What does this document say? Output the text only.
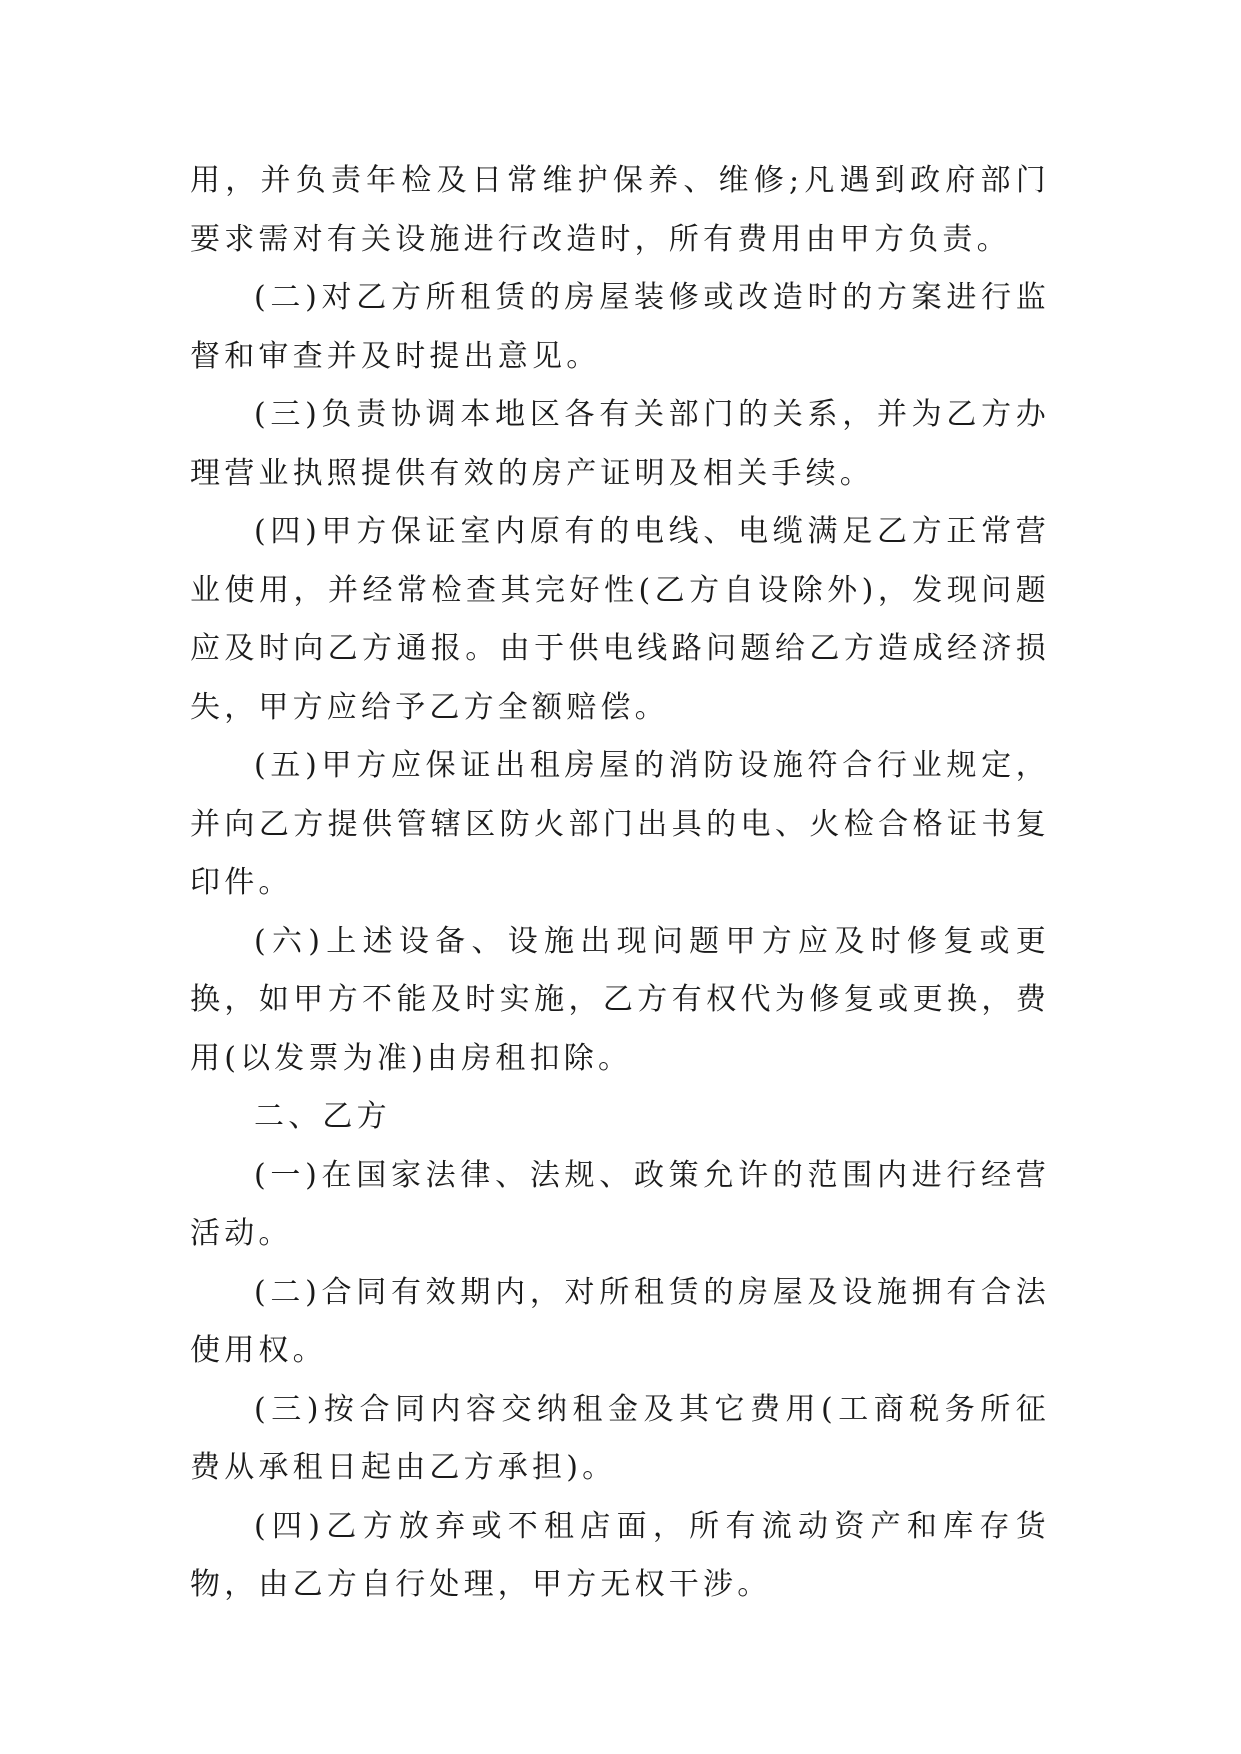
用，并负责年检及日常维护保养、维修;凡遇到政府部门要求需对有关设施进行改造时，所有费用由甲方负责。

(二)对乙方所租赁的房屋装修或改造时的方案进行监督和审查并及时提出意见。

(三)负责协调本地区各有关部门的关系，并为乙方办理营业执照提供有效的房产证明及相关手续。

(四)甲方保证室内原有的电线、电缆满足乙方正常营业使用，并经常检查其完好性(乙方自设除外)，发现问题应及时向乙方通报。由于供电线路问题给乙方造成经济损失，甲方应给予乙方全额赔偿。

(五)甲方应保证出租房屋的消防设施符合行业规定，并向乙方提供管辖区防火部门出具的电、火检合格证书复印件。

(六)上述设备、设施出现问题甲方应及时修复或更换，如甲方不能及时实施，乙方有权代为修复或更换，费用(以发票为准)由房租扣除。

二、乙方

(一)在国家法律、法规、政策允许的范围内进行经营活动。

(二)合同有效期内，对所租赁的房屋及设施拥有合法使用权。

(三)按合同内容交纳租金及其它费用(工商税务所征费从承租日起由乙方承担)。

(四)乙方放弃或不租店面，所有流动资产和库存货物，由乙方自行处理，甲方无权干涉。
